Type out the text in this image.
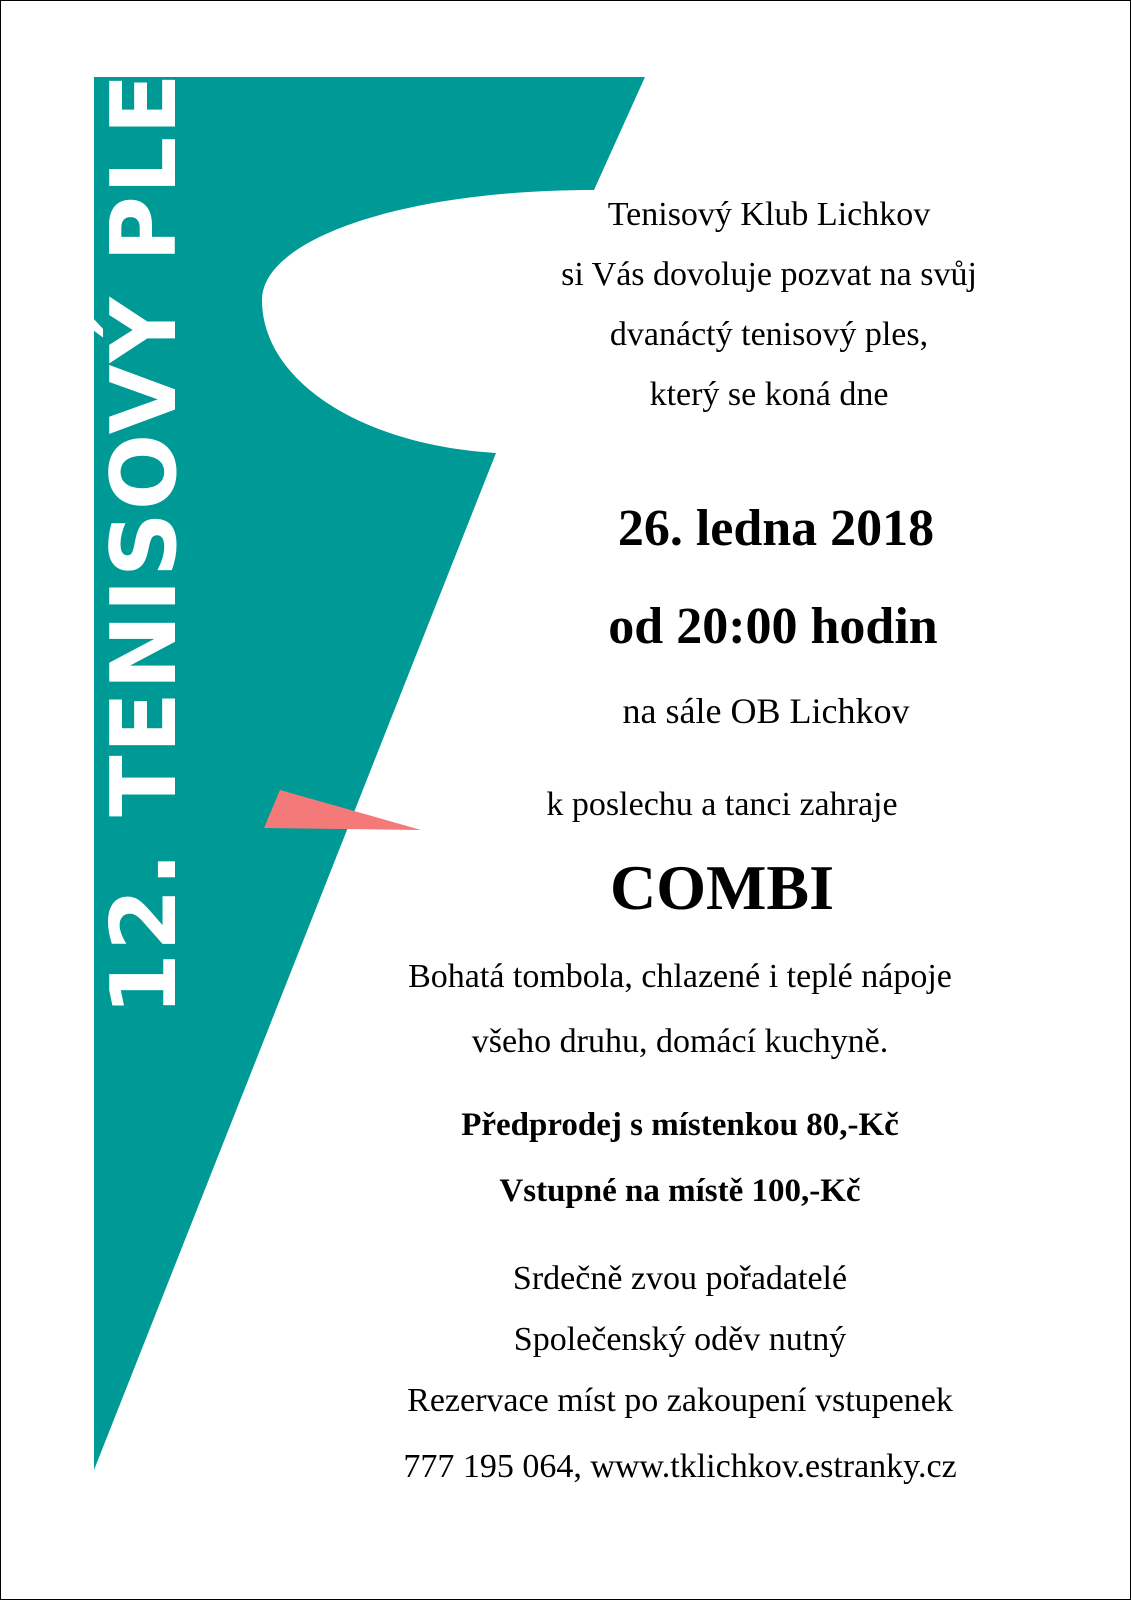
12. TENISOVÝ PLES	Tenisový Klub Lichkov
si Vás dovoluje pozvat na svůj
dvanáctý tenisový ples,
který se koná dne
26. ledna 2018
od 20:00 hodin
na sále OB Lichkov
k poslechu a tanci zahraje
COMBI
Bohatá tombola, chlazené i teplé nápoje
všeho druhu, domácí kuchyně.
Předprodej s místenkou 80,-Kč
Vstupné na místě 100,-Kč
Srdečně zvou pořadatelé
Společenský oděv nutný
Rezervace míst po zakoupení vstupenek
777 195 064, www.tklichkov.estranky.cz
